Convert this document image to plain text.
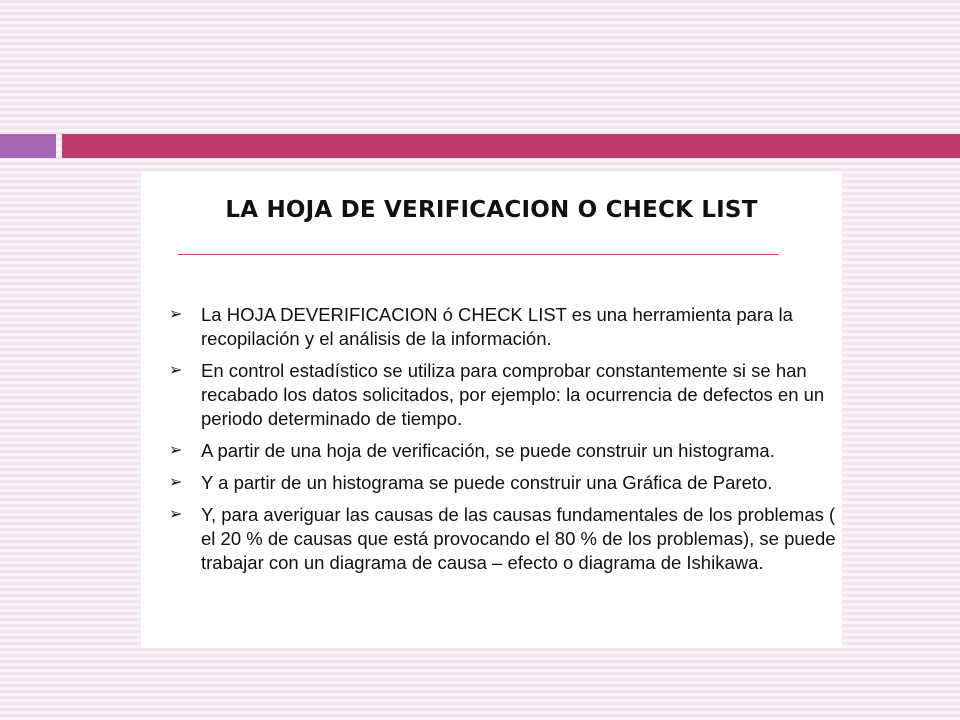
LA HOJA DE VERIFICACION O CHECK LIST
➢ La HOJA DEVERIFICACION ó CHECK LIST es una herramienta para la recopilación y el análisis de la información.
➢ En control estadístico se utiliza para comprobar constantemente si se han recabado los datos solicitados, por ejemplo: la ocurrencia de defectos en un periodo determinado de tiempo.
➢ A partir de una hoja de verificación, se puede construir un histograma.
➢ Y a partir de un histograma se puede construir una Gráfica de Pareto.
➢ Y, para averiguar las causas de las causas fundamentales de los problemas ( el 20 % de causas que está provocando el 80 % de los problemas), se puede trabajar con un diagrama de causa – efecto o diagrama de Ishikawa.
